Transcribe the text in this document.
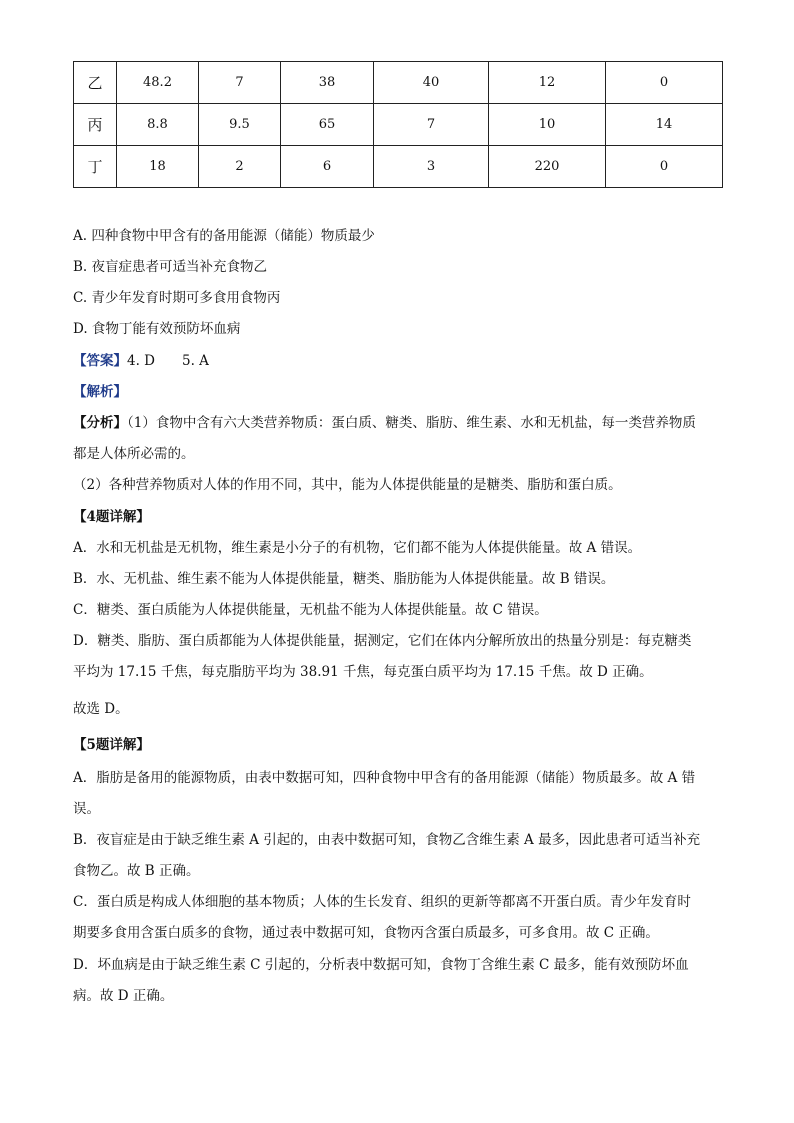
乙	48.2	7	38	40	12	0
丙	8.8	9.5	65	7	10	14
丁	18	2	6	3	220	0
A. 四种食物中甲含有的备用能源（储能）物质最少
B. 夜盲症患者可适当补充食物乙
C. 青少年发育时期可多食用食物丙
D. 食物丁能有效预防坏血病
【答案】4. D　　5. A
【解析】
【分析】（1）食物中含有六大类营养物质：蛋白质、糖类、脂肪、维生素、水和无机盐，每一类营养物质
都是人体所必需的。
（2）各种营养物质对人体的作用不同，其中，能为人体提供能量的是糖类、脂肪和蛋白质。
【4题详解】
A．水和无机盐是无机物，维生素是小分子的有机物，它们都不能为人体提供能量。故 A 错误。
B．水、无机盐、维生素不能为人体提供能量，糖类、脂肪能为人体提供能量。故 B 错误。
C．糖类、蛋白质能为人体提供能量，无机盐不能为人体提供能量。故 C 错误。
D．糖类、脂肪、蛋白质都能为人体提供能量，据测定，它们在体内分解所放出的热量分别是：每克糖类
平均为 17.15 千焦，每克脂肪平均为 38.91 千焦，每克蛋白质平均为 17.15 千焦。故 D 正确。
故选 D。
【5题详解】
A．脂肪是备用的能源物质，由表中数据可知，四种食物中甲含有的备用能源（储能）物质最多。故 A 错
误。
B．夜盲症是由于缺乏维生素 A 引起的，由表中数据可知，食物乙含维生素 A 最多，因此患者可适当补充
食物乙。故 B 正确。
C．蛋白质是构成人体细胞的基本物质；人体的生长发育、组织的更新等都离不开蛋白质。青少年发育时
期要多食用含蛋白质多的食物，通过表中数据可知，食物丙含蛋白质最多，可多食用。故 C 正确。
D．坏血病是由于缺乏维生素 C 引起的，分析表中数据可知，食物丁含维生素 C 最多，能有效预防坏血
病。故 D 正确。
